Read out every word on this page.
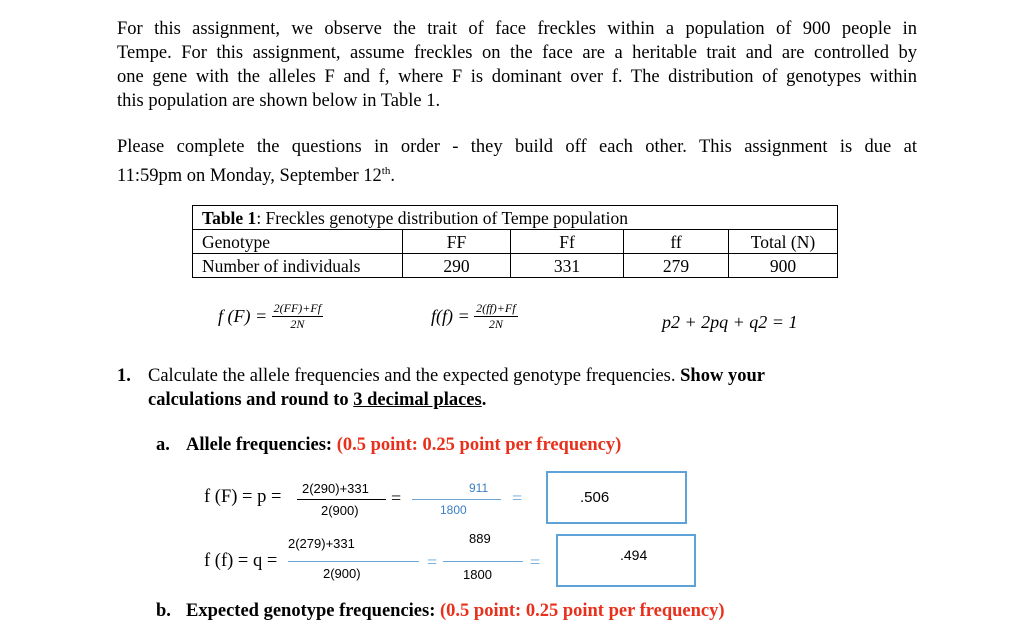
For this assignment, we observe the trait of face freckles within a population of 900 people in
Tempe. For this assignment, assume freckles on the face are a heritable trait and are controlled by
one gene with the alleles F and f, where F is dominant over f. The distribution of genotypes within
this population are shown below in Table 1.
Please complete the questions in order - they build off each other. This assignment is due at
11:59pm on Monday, September 12th.
Table 1: Freckles genotype distribution of Tempe population				
Genotype	FF	Ff	ff	Total (N)
Number of individuals	290	331	279	900
f $(F) = \frac{2(FF)+Ff}{2N}$	$f(f) = \frac{2(ff)+Ff}{2N}$	p2 + 2pq + q2 = 1
1. Calculate the allele frequencies and the expected genotype frequencies. Show your
calculations and round to 3 decimal places.
a. Allele frequencies: (0.5 point: 0.25 point per frequency)
f (F) = p = 2(290)+331
2(900)
=	911
1800
=	.506
2(279)+331
f (f) = q =
2(900)
=
889
1800
=	.494
b. Expected genotype frequencies: (0.5 point: 0.25 point per frequency)
